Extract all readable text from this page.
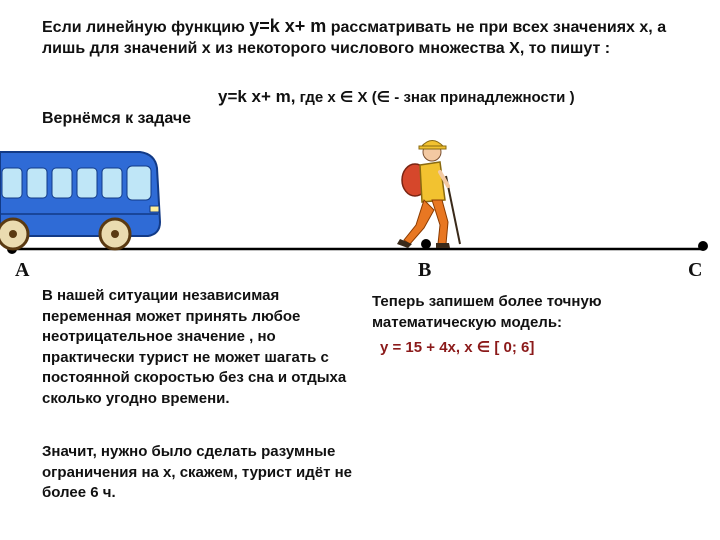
Если линейную функцию y=k x+ m рассматривать не при всех значениях x, а лишь для значений x из некоторого числового множества X, то пишут :
y=k x+ m, где x ∈ X (∈ - знак принадлежности )
Вернёмся к задаче
A	B	C
В нашей ситуации независимая переменная может принять любое неотрицательное значение , но практически турист не может шагать с постоянной скоростью без сна и отдыха сколько угодно времени.
Значит, нужно было сделать разумные ограничения на x, скажем, турист идёт не более 6 ч.
Теперь запишем более точную математическую модель:
y = 15 + 4x, x ∈ [ 0; 6]
